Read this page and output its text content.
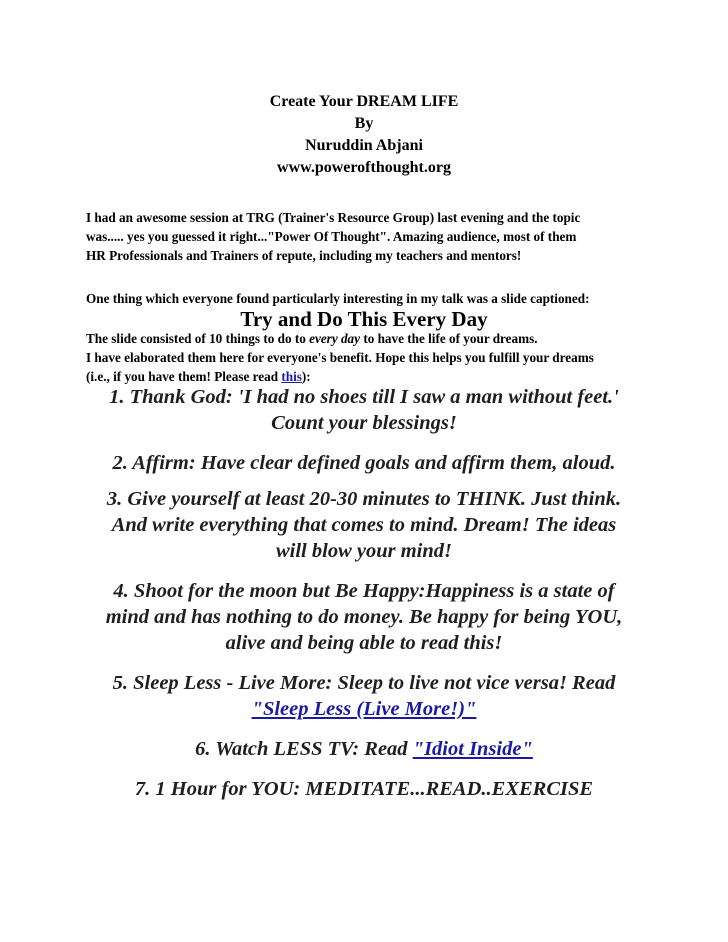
Create Your DREAM LIFE
By
Nuruddin Abjani
www.powerofthought.org
I had an awesome session at TRG (Trainer's Resource Group) last evening and the topic
was..... yes you guessed it right..."Power Of Thought". Amazing audience, most of them
HR Professionals and Trainers of repute, including my teachers and mentors!
One thing which everyone found particularly interesting in my talk was a slide captioned:
Try and Do This Every Day
The slide consisted of 10 things to do to every day to have the life of your dreams.
I have elaborated them here for everyone's benefit. Hope this helps you fulfill your dreams
(i.e., if you have them! Please read this):
1. Thank God: 'I had no shoes till I saw a man without feet.'
Count your blessings!
2. Affirm: Have clear defined goals and affirm them, aloud.
3. Give yourself at least 20-30 minutes to THINK. Just think.
And write everything that comes to mind. Dream! The ideas
will blow your mind!
4. Shoot for the moon but Be Happy:Happiness is a state of
mind and has nothing to do money. Be happy for being YOU,
alive and being able to read this!
5. Sleep Less - Live More: Sleep to live not vice versa! Read
"Sleep Less (Live More!)"
6. Watch LESS TV: Read "Idiot Inside"
7. 1 Hour for YOU: MEDITATE...READ..EXERCISE
